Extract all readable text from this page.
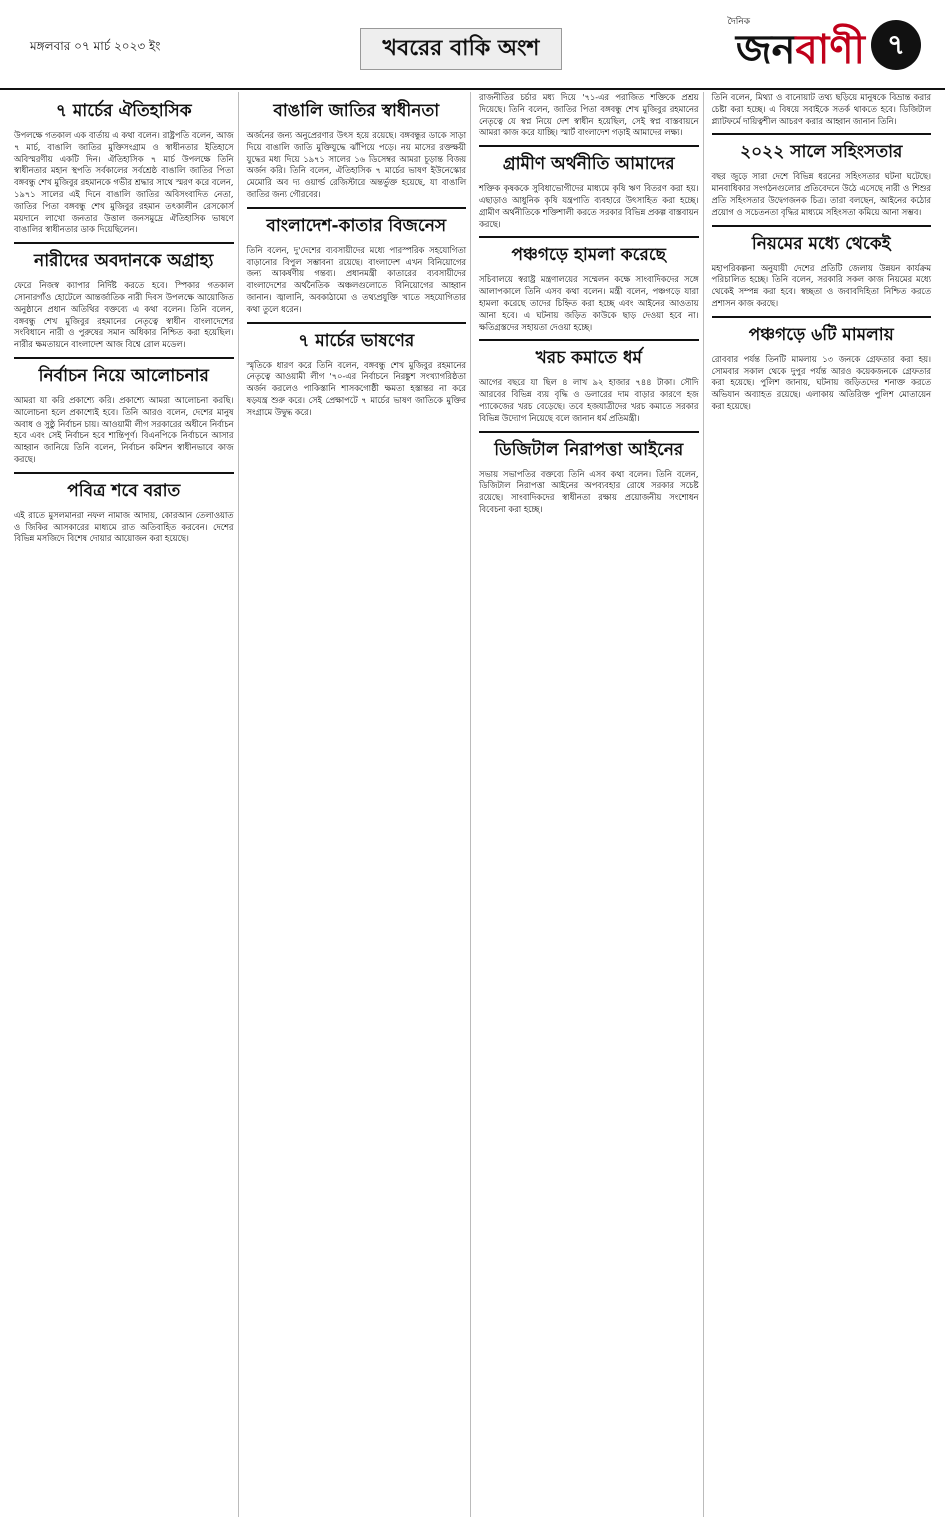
মঙ্গলবার ০৭ মার্চ ২০২৩ ইং	খবরের বাকি অংশ
দৈনিক
জনবাণী ৭
৭ মার্চের ঐতিহাসিক

উপলক্ষে গতকাল এক বার্তায় এ কথা বলেন। রাষ্ট্রপতি বলেন, আজ ৭ মার্চ, বাঙালি জাতির মুক্তিসংগ্রাম ও স্বাধীনতার ইতিহাসে অবিস্মরণীয় একটি দিন। ঐতিহাসিক ৭ মার্চ উপলক্ষে তিনি স্বাধীনতার মহান স্থপতি সর্বকালের সর্বশ্রেষ্ঠ বাঙালি জাতির পিতা বঙ্গবন্ধু শেখ মুজিবুর রহমানকে গভীর শ্রদ্ধার সাথে স্মরণ করে বলেন, ১৯৭১ সালের এই দিনে বাঙালি জাতির অবিসংবাদিত নেতা, জাতির পিতা বঙ্গবন্ধু শেখ মুজিবুর রহমান তৎকালীন রেসকোর্স ময়দানে লাখো জনতার উত্তাল জনসমুদ্রে ঐতিহাসিক ভাষণে বাঙালির স্বাধীনতার ডাক দিয়েছিলেন।

নারীদের অবদানকে অগ্রাহ্য

ফেরে নিজস্ব ক্যাপার নির্দিষ্ট করতে হবে। স্পিকার গতকাল সোনারগাঁও হোটেলে আন্তর্জাতিক নারী দিবস উপলক্ষে আয়োজিত অনুষ্ঠানে প্রধান অতিথির বক্তব্যে এ কথা বলেন। তিনি বলেন, বঙ্গবন্ধু শেখ মুজিবুর রহমানের নেতৃত্বে স্বাধীন বাংলাদেশের সংবিধানে নারী ও পুরুষের সমান অধিকার নিশ্চিত করা হয়েছিল। নারীর ক্ষমতায়নে বাংলাদেশ আজ বিশ্বে রোল মডেল।

নির্বাচন নিয়ে আলোচনার

আমরা যা করি প্রকাশ্যে করি। প্রকাশ্যে আমরা আলোচনা করছি। আলোচনা হলে প্রকাশ্যেই হবে। তিনি আরও বলেন, দেশের মানুষ অবাধ ও সুষ্ঠু নির্বাচন চায়। আওয়ামী লীগ সরকারের অধীনে নির্বাচন হবে এবং সেই নির্বাচন হবে শান্তিপূর্ণ। বিএনপিকে নির্বাচনে আসার আহ্বান জানিয়ে তিনি বলেন, নির্বাচন কমিশন স্বাধীনভাবে কাজ করছে।

পবিত্র শবে বরাত

এই রাতে মুসলমানরা নফল নামাজ আদায়, কোরআন তেলাওয়াত ও জিকির আসকারের মাধ্যমে রাত অতিবাহিত করবেন। দেশের বিভিন্ন মসজিদে বিশেষ দোয়ার আয়োজন করা হয়েছে।

বাঙালি জাতির স্বাধীনতা

অর্জনের জন্য অনুপ্রেরণার উৎস হয়ে রয়েছে। বঙ্গবন্ধুর ডাকে সাড়া দিয়ে বাঙালি জাতি মুক্তিযুদ্ধে ঝাঁপিয়ে পড়ে। নয় মাসের রক্তক্ষয়ী যুদ্ধের মধ্য দিয়ে ১৯৭১ সালের ১৬ ডিসেম্বর আমরা চূড়ান্ত বিজয় অর্জন করি। তিনি বলেন, ঐতিহাসিক ৭ মার্চের ভাষণ ইউনেস্কোর মেমোরি অব দ্য ওয়ার্ল্ড রেজিস্টারে অন্তর্ভুক্ত হয়েছে, যা বাঙালি জাতির জন্য গৌরবের।

বাংলাদেশ-কাতার বিজনেস

তিনি বলেন, দু'দেশের ব্যবসায়ীদের মধ্যে পারস্পরিক সহযোগিতা বাড়ানোর বিপুল সম্ভাবনা রয়েছে। বাংলাদেশ এখন বিনিয়োগের জন্য আকর্ষণীয় গন্তব্য। প্রধানমন্ত্রী কাতারের ব্যবসায়ীদের বাংলাদেশের অর্থনৈতিক অঞ্চলগুলোতে বিনিয়োগের আহ্বান জানান। জ্বালানি, অবকাঠামো ও তথ্যপ্রযুক্তি খাতে সহযোগিতার কথা তুলে ধরেন।

৭ মার্চের ভাষণের

স্মৃতিকে ধারণ করে তিনি বলেন, বঙ্গবন্ধু শেখ মুজিবুর রহমানের নেতৃত্বে আওয়ামী লীগ '৭০-এর নির্বাচনে নিরঙ্কুশ সংখ্যাগরিষ্ঠতা অর্জন করলেও পাকিস্তানি শাসকগোষ্ঠী ক্ষমতা হস্তান্তর না করে ষড়যন্ত্র শুরু করে। সেই প্রেক্ষাপটে ৭ মার্চের ভাষণ জাতিকে মুক্তির সংগ্রামে উদ্বুদ্ধ করে।

রাজনীতির চর্চার মধ্য দিয়ে '৭১-এর পরাজিত শক্তিকে প্রশ্রয় দিয়েছে। তিনি বলেন, জাতির পিতা বঙ্গবন্ধু শেখ মুজিবুর রহমানের নেতৃত্বে যে স্বপ্ন নিয়ে দেশ স্বাধীন হয়েছিল, সেই স্বপ্ন বাস্তবায়নে আমরা কাজ করে যাচ্ছি। স্মার্ট বাংলাদেশ গড়াই আমাদের লক্ষ্য।

গ্রামীণ অর্থনীতি আমাদের

শক্তিক কৃষককে সুবিধাভোগীদের মাধ্যমে কৃষি ঋণ বিতরণ করা হয়। এছাড়াও আধুনিক কৃষি যন্ত্রপাতি ব্যবহারে উৎসাহিত করা হচ্ছে। গ্রামীণ অর্থনীতিকে শক্তিশালী করতে সরকার বিভিন্ন প্রকল্প বাস্তবায়ন করছে।

পঞ্চগড়ে হামলা করেছে

সচিবালয়ে স্বরাষ্ট্র মন্ত্রণালয়ের সম্মেলন কক্ষে সাংবাদিকদের সঙ্গে আলাপকালে তিনি এসব কথা বলেন। মন্ত্রী বলেন, পঞ্চগড়ে যারা হামলা করেছে তাদের চিহ্নিত করা হচ্ছে এবং আইনের আওতায় আনা হবে। এ ঘটনায় জড়িত কাউকে ছাড় দেওয়া হবে না। ক্ষতিগ্রস্তদের সহায়তা দেওয়া হচ্ছে।

খরচ কমাতে ধর্ম

আগের বছরে যা ছিল ৪ লাখ ৯২ হাজার ৭৪৪ টাকা। সৌদি আরবের বিভিন্ন ব্যয় বৃদ্ধি ও ডলারের দাম বাড়ার কারণে হজ প্যাকেজের খরচ বেড়েছে। তবে হজযাত্রীদের খরচ কমাতে সরকার বিভিন্ন উদ্যোগ নিয়েছে বলে জানান ধর্ম প্রতিমন্ত্রী।

ডিজিটাল নিরাপত্তা আইনের

সভায় সভাপতির বক্তব্যে তিনি এসব কথা বলেন। তিনি বলেন, ডিজিটাল নিরাপত্তা আইনের অপব্যবহার রোধে সরকার সচেষ্ট রয়েছে। সাংবাদিকদের স্বাধীনতা রক্ষায় প্রয়োজনীয় সংশোধন বিবেচনা করা হচ্ছে।

তিনি বলেন, মিথ্যা ও বানোয়াট তথ্য ছড়িয়ে মানুষকে বিভ্রান্ত করার চেষ্টা করা হচ্ছে। এ বিষয়ে সবাইকে সতর্ক থাকতে হবে। ডিজিটাল প্ল্যাটফর্মে দায়িত্বশীল আচরণ করার আহ্বান জানান তিনি।

২০২২ সালে সহিংসতার

বছর জুড়ে সারা দেশে বিভিন্ন ধরনের সহিংসতার ঘটনা ঘটেছে। মানবাধিকার সংগঠনগুলোর প্রতিবেদনে উঠে এসেছে নারী ও শিশুর প্রতি সহিংসতার উদ্বেগজনক চিত্র। তারা বলছেন, আইনের কঠোর প্রয়োগ ও সচেতনতা বৃদ্ধির মাধ্যমে সহিংসতা কমিয়ে আনা সম্ভব।

নিয়মের মধ্যে থেকেই

মহাপরিকল্পনা অনুযায়ী দেশের প্রতিটি জেলায় উন্নয়ন কার্যক্রম পরিচালিত হচ্ছে। তিনি বলেন, সরকারি সকল কাজ নিয়মের মধ্যে থেকেই সম্পন্ন করা হবে। স্বচ্ছতা ও জবাবদিহিতা নিশ্চিত করতে প্রশাসন কাজ করছে।

পঞ্চগড়ে ৬টি মামলায়

রোববার পর্যন্ত তিনটি মামলায় ১৩ জনকে গ্রেফতার করা হয়। সোমবার সকাল থেকে দুপুর পর্যন্ত আরও কয়েকজনকে গ্রেফতার করা হয়েছে। পুলিশ জানায়, ঘটনায় জড়িতদের শনাক্ত করতে অভিযান অব্যাহত রয়েছে। এলাকায় অতিরিক্ত পুলিশ মোতায়েন করা হয়েছে।
